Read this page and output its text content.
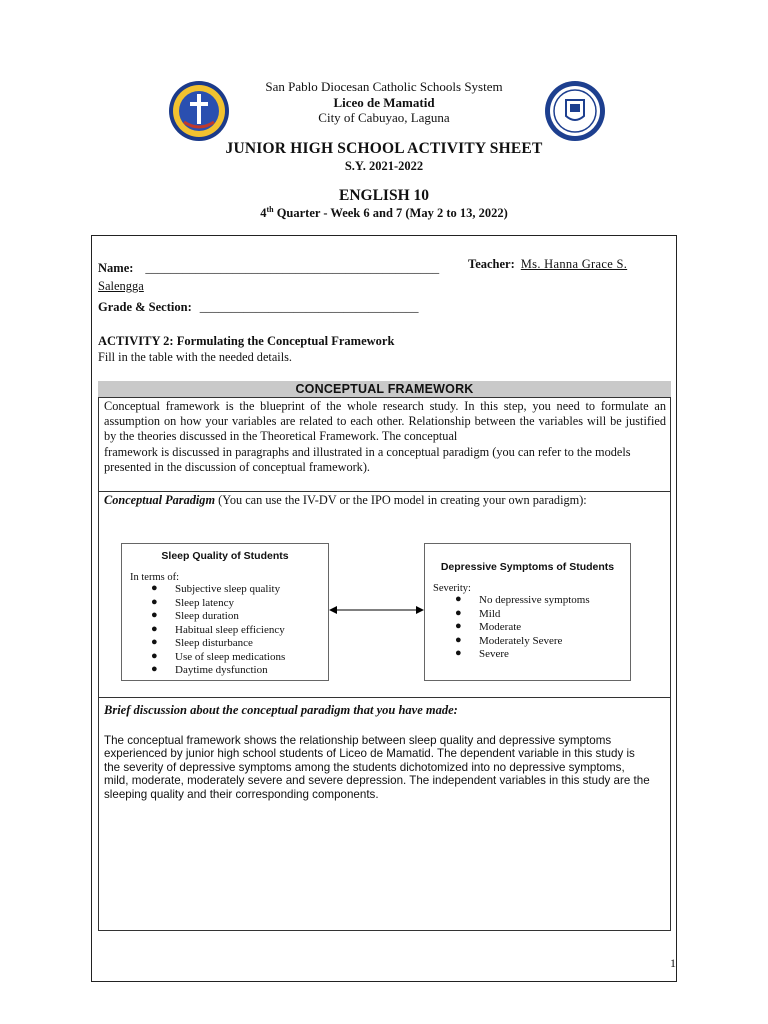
San Pablo Diocesan Catholic Schools System
Liceo de Mamatid
City of Cabuyao, Laguna
JUNIOR HIGH SCHOOL ACTIVITY SHEET
S.Y. 2021-2022
ENGLISH 10
4th Quarter - Week 6 and 7 (May 2 to 13, 2022)
Name: _______________________________________________ Teacher: Ms. Hanna Grace S.
Salengga
Grade & Section: ___________________________________
ACTIVITY 2: Formulating the Conceptual Framework
Fill in the table with the needed details.
CONCEPTUAL FRAMEWORK
Conceptual framework is the blueprint of the whole research study. In this step, you need to formulate an assumption on how your variables are related to each other. Relationship between the variables will be justified by the theories discussed in the Theoretical Framework. The conceptual
framework is discussed in paragraphs and illustrated in a conceptual paradigm (you can refer to the models presented in the discussion of conceptual framework).
Conceptual Paradigm (You can use the IV-DV or the IPO model in creating your own paradigm):
Sleep Quality of Students
In terms of:
● Subjective sleep quality
● Sleep latency
● Sleep duration
● Habitual sleep efficiency
● Sleep disturbance
● Use of sleep medications
● Daytime dysfunction
Depressive Symptoms of Students
Severity:
● No depressive symptoms
● Mild
● Moderate
● Moderately Severe
● Severe
Brief discussion about the conceptual paradigm that you have made:
The conceptual framework shows the relationship between sleep quality and depressive symptoms experienced by junior high school students of Liceo de Mamatid. The dependent variable in this study is the severity of depressive symptoms among the students dichotomized into no depressive symptoms, mild, moderate, moderately severe and severe depression. The independent variables in this study are the sleeping quality and their corresponding components.
1
